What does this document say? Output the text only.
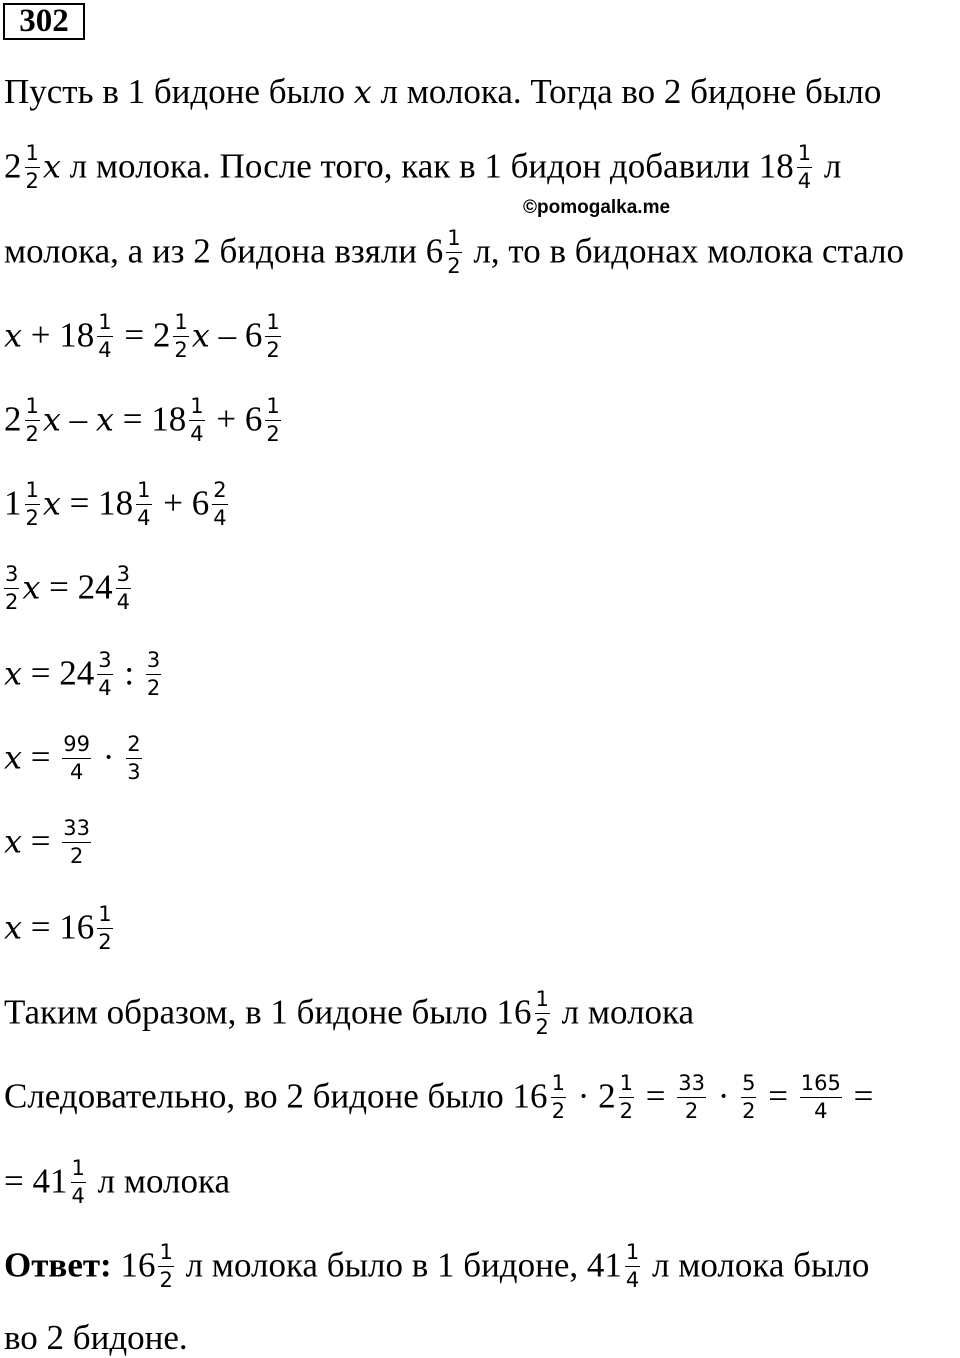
302
Пусть в 1 бидоне было 𝑥 л молока. Тогда во 2 бидоне было
$2 \frac{1}{2}$ 𝑥 л молока. После того, как в 1 бидон добавили $18 \frac{1}{4}$ л
©pomogalka.me
молока, а из 2 бидона взяли $6 \frac{1}{2} л$, то в бидонах молока стало
𝑥 + $18 \frac{1}{4} = 2 \frac{1}{2}$ 𝑥 – $6 \frac{1}{2}$
$2 \frac{1}{2}$ 𝑥 – 𝑥 = $18 \frac{1}{4} + 6 \frac{1}{2}$
$1 \frac{1}{2}$ 𝑥 = $18 \frac{1}{4} + 6 \frac{2}{4}$
$\frac{3}{2}$ 𝑥 = $24 \frac{3}{4}$
𝑥 = $24 \frac{3}{4}$ : $\frac{3}{2}$
𝑥 = $\frac{99}{4} \cdot \frac{2}{3}$
𝑥 = $\frac{33}{2}$
𝑥 = $16 \frac{1}{2}$
Таким образом, в 1 бидоне было $16 \frac{1}{2}$ л молока
Следовательно, во 2 бидоне было $16 \frac{1}{2} \cdot 2 \frac{1}{2} = \frac{33}{2} \cdot \frac{5}{2} = \frac{165}{4}$ =
= $41 \frac{1}{4}$ л молока
Ответ: $16 \frac{1}{2}$ л молока было в 1 бидоне, $41 \frac{1}{4}$ л молока было
во 2 бидоне.
